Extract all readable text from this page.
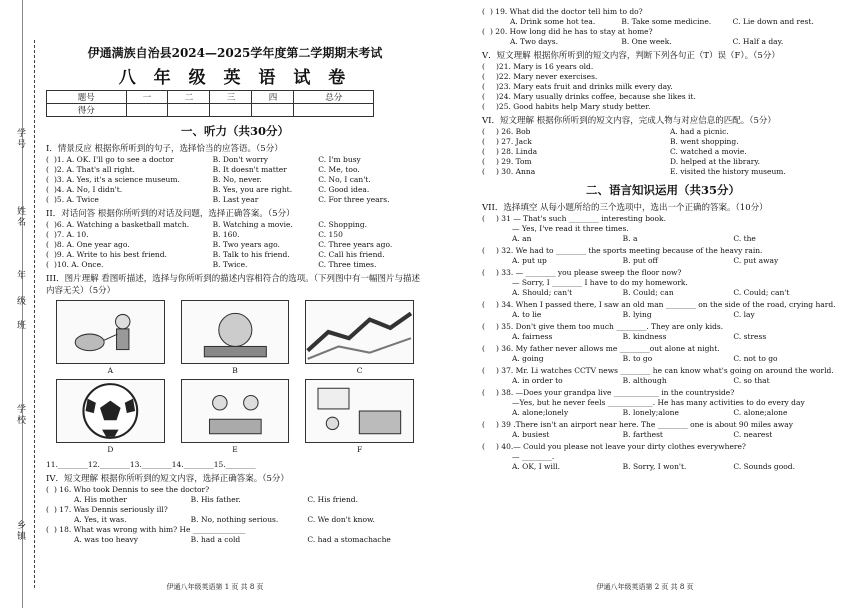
学号
姓名
年
级
班
学校
乡镇
伊通满族自治县2024—2025学年度第二学期期末考试
八 年 级 英 语 试 卷
题号	一	二	三	四	总分
得分					
一、听力（共30分）
I．情景反应 根据你所听到的句子，选择恰当的应答语。（5分）
( )1. A. OK. I'll go to see a doctor	B. Don't worry	C. I'm busy
( )2. A. That's all right.	B. It doesn't matter	C. Me, too.
( )3. A. Yes, it's a science museum.	B. No, never.	C. No, I can't.
( )4. A. No, I didn't.	B. Yes, you are right.	C. Good idea.
( )5. A. Twice	B. Last year	C. For three years.
II．对话问答 根据你所听到的对话及问题，选择正确答案。（5分）
( )6. A. Watching a basketball match.	B. Watching a movie.	C. Shopping.
( )7. A. 10.	B. 160.	C. 150
( )8. A. One year ago.	B. Two years ago.	C. Three years ago.
( )9. A. Write to his best friend.	B. Talk to his friend.	C. Call his friend.
( )10. A. Once.	B. Twice.	C. Three times.
III．图片理解 看图听描述，选择与你所听到的描述内容相符合的选项。（下列图中有一幅图片与描述内容无关）（5分）
A	B	C
D	E	F
11.________12.________13.________14.________15.________
IV．短文理解 根据你所听到的短文内容，选择正确答案。（5分）
( ) 16. Who took Dennis to see the doctor?
A. His mother	B. His father.	C. His friend.
( ) 17. Was Dennis seriously ill?
A. Yes, it was.	B. No, nothing serious.	C. We don't know.
( ) 18. What was wrong with him? He ______________
A. was too heavy	B. had a cold	C. had a stomachache
伊通八年级英语第 1 页 共 8 页
( ) 19. What did the doctor tell him to do?
A. Drink some hot tea.	B. Take some medicine.	C. Lie down and rest.
( ) 20. How long did he has to stay at home?
A. Two days.	B. One week.	C. Half a day.
V．短文理解 根据你所听到的短文内容，判断下列各句正（T）误（F）。（5分）
(	)21. Mary is 16 years old.
(	)22. Mary never exercises.
(	)23. Mary eats fruit and drinks milk every day.
(	)24. Mary usually drinks coffee, because she likes it.
(	)25. Good habits help Mary study better.
VI．短文理解 根据你所听到的短文内容，完成人物与对应信息的匹配。（5分）
(	) 26. Bob	A. had a picnic.
(	) 27. Jack	B. went shopping.
(	) 28. Linda	C. watched a movie.
(	) 29. Tom	D. helped at the library.
(	) 30. Anna	E. visited the history museum.
二、语言知识运用（共35分）
VII．选择填空 从每小题所给的三个选项中，选出一个正确的答案。（10分）
(	) 31 — That's such ________ interesting book.
— Yes, I've read it three times.
A. an	B. a	C. the
(	) 32. We had to ________ the sports meeting because of the heavy rain.
A. put up	B. put off	C. put away
(	) 33. — ________ you please sweep the floor now?
— Sorry, I ________ I have to do my homework.
A. Should; can't	B. Could; can	C. Could; can't
(	) 34. When I passed there, I saw an old man ________ on the side of the road, crying hard.
A. to lie	B. lying	C. lay
(	) 35. Don't give them too much ________. They are only kids.
A. fairness	B. kindness	C. stress
(	) 36. My father never allows me ________out alone at night.
A. going	B. to go	C. not to go
(	) 37. Mr. Li watches CCTV news ________ he can know what's going on around the world.
A. in order to	B. although	C. so that
(	) 38. —Does your grandpa live ____________ in the countryside?
—Yes, but he never feels ____________. He has many activities to do every day
A. alone;lonely	B. lonely;alone	C. alone;alone
(	) 39 .There isn't an airport near here. The ________ one is about 90 miles away
A. busiest	B. farthest	C. nearest
(	) 40.— Could you please not leave your dirty clothes everywhere?
— ________.
A. OK, I will.	B. Sorry, I won't.	C. Sounds good.
伊通八年级英语第 2 页 共 8 页
